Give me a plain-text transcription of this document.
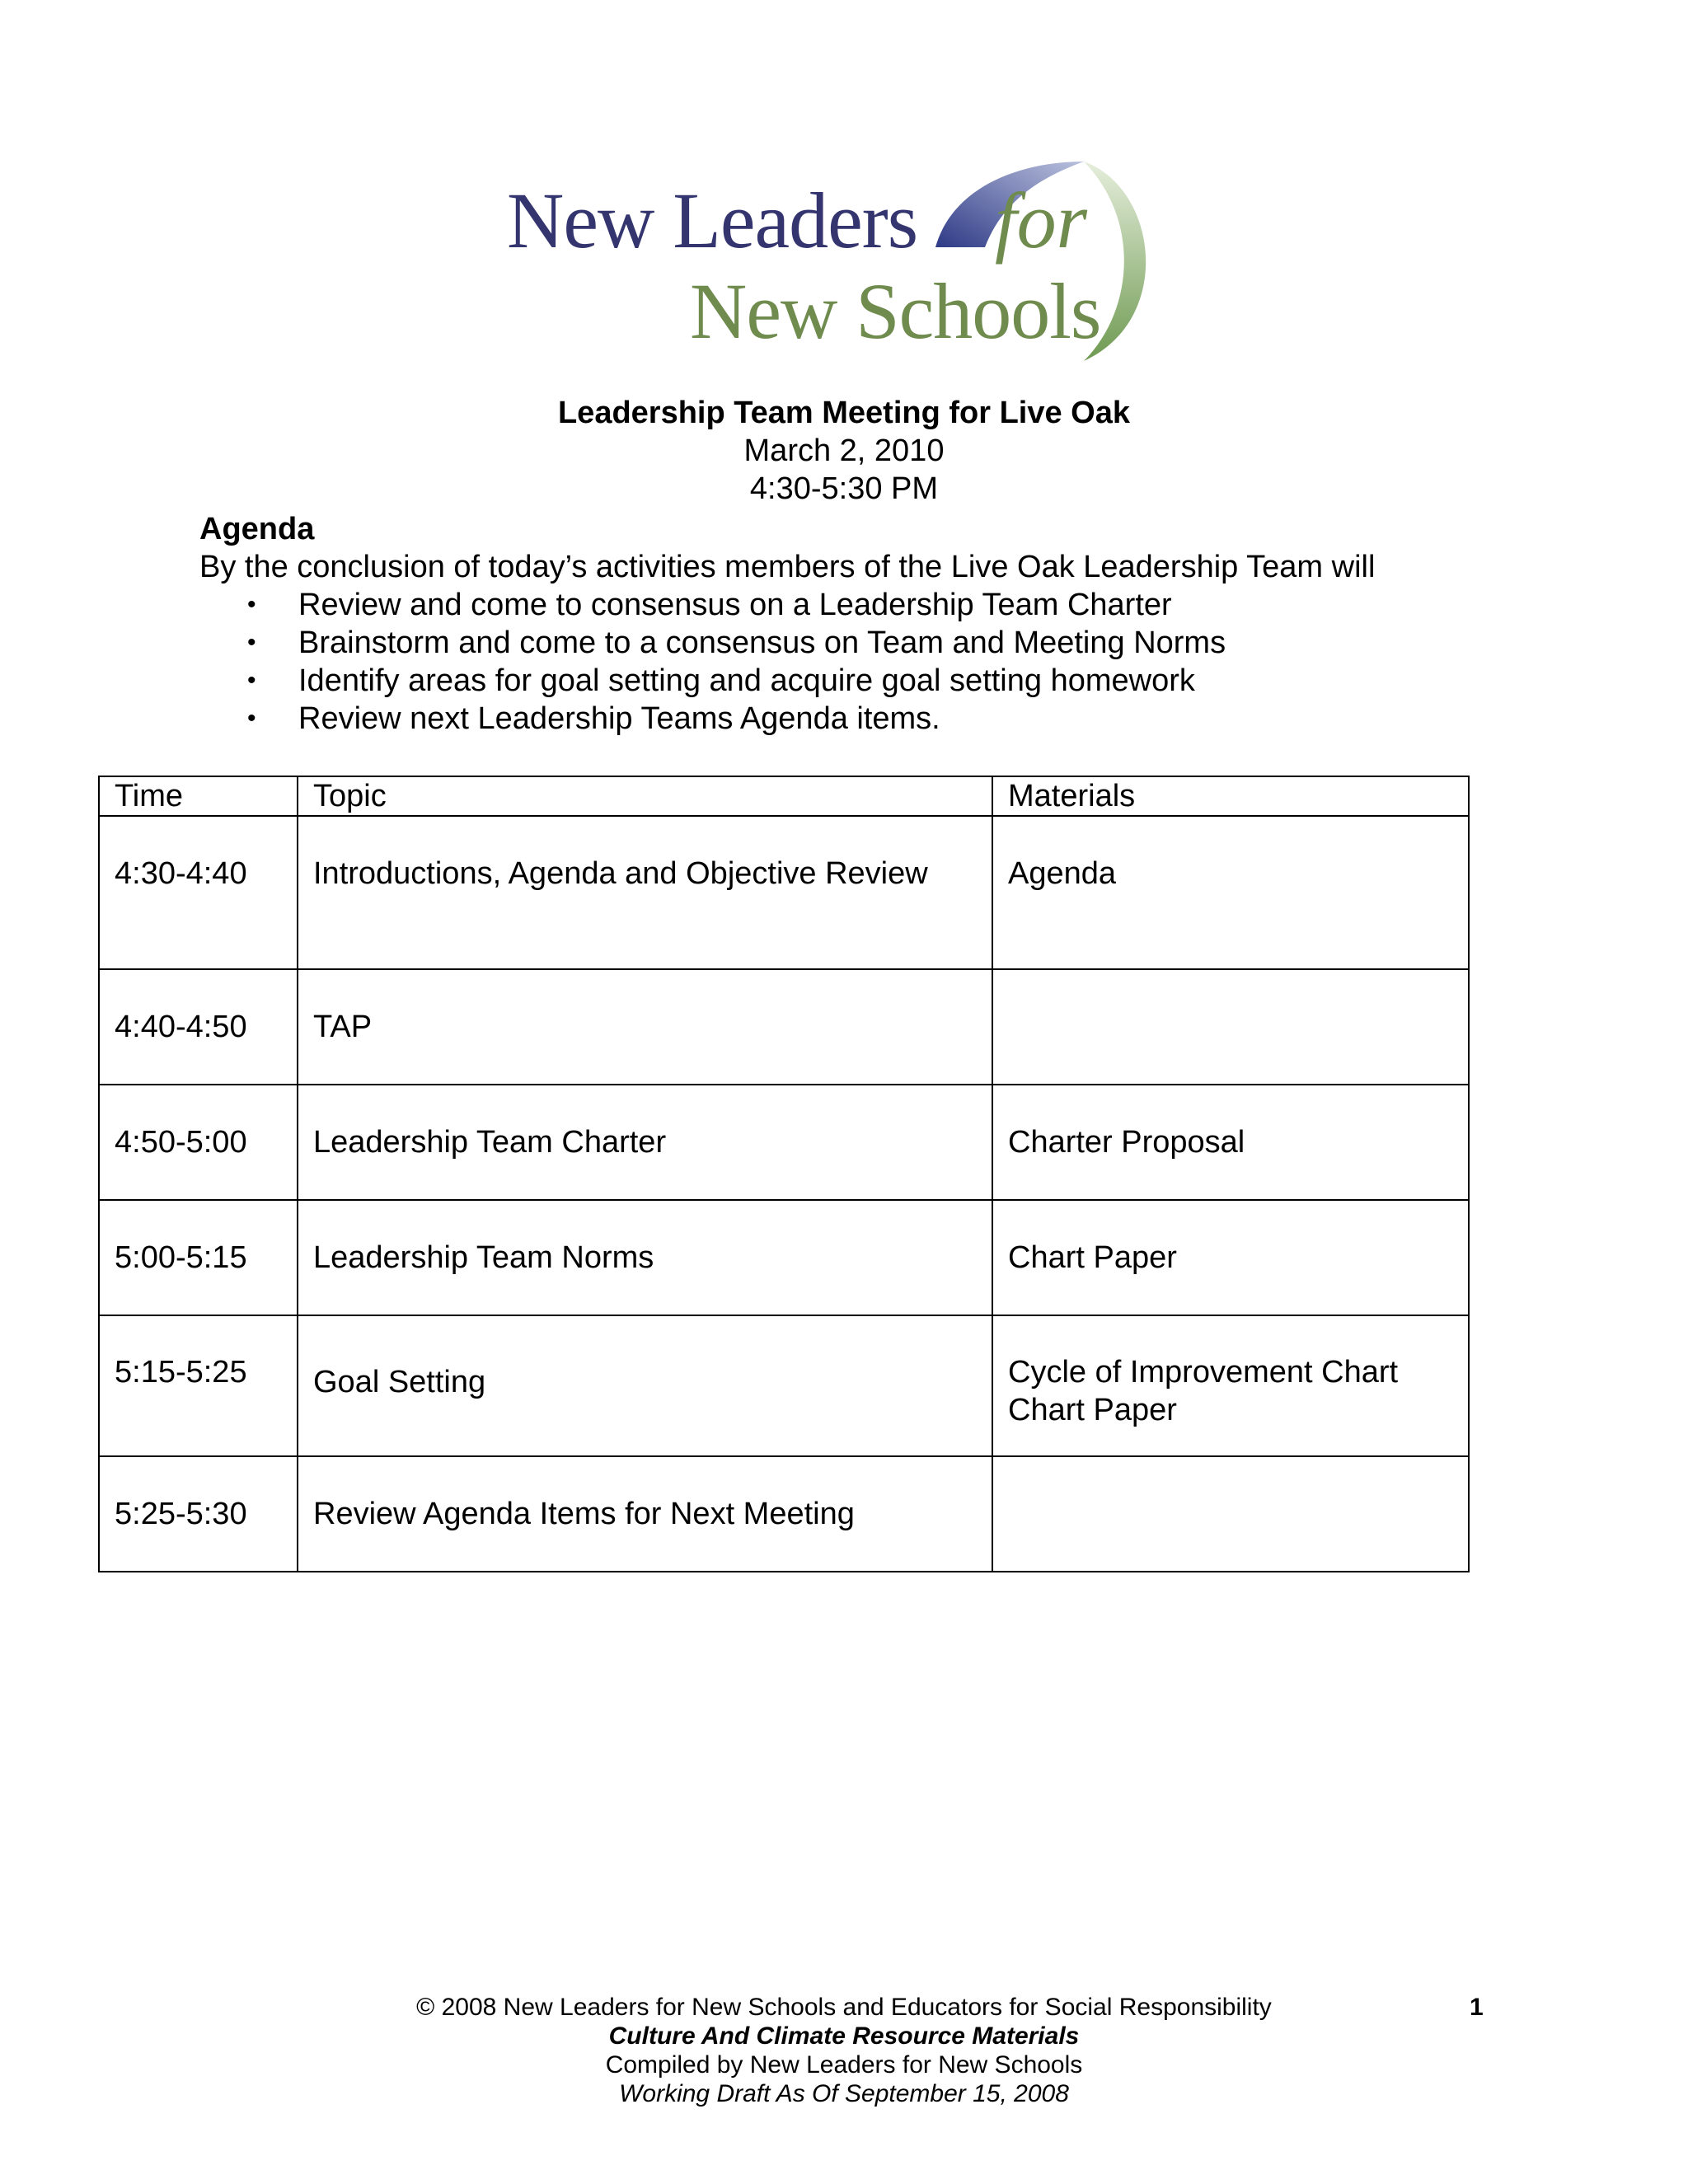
New Leaders for
New Schools
Leadership Team Meeting for Live Oak
March 2, 2010
4:30-5:30 PM
Agenda
By the conclusion of today’s activities members of the Live Oak Leadership Team will
• Review and come to consensus on a Leadership Team Charter
• Brainstorm and come to a consensus on Team and Meeting Norms
• Identify areas for goal setting and acquire goal setting homework
• Review next Leadership Teams Agenda items.
Time	Topic	Materials

4:30-4:40	Introductions, Agenda and Objective Review	Agenda

4:40-4:50	TAP	

4:50-5:00	Leadership Team Charter	Charter Proposal

5:00-5:15	Leadership Team Norms	Chart Paper

5:15-5:25	Goal Setting	Cycle of Improvement Chart
Chart Paper

5:25-5:30	Review Agenda Items for Next Meeting	

© 2008 New Leaders for New Schools and Educators for Social Responsibility
Culture And Climate Resource Materials
Compiled by New Leaders for New Schools
Working Draft As Of September 15, 2008
1
